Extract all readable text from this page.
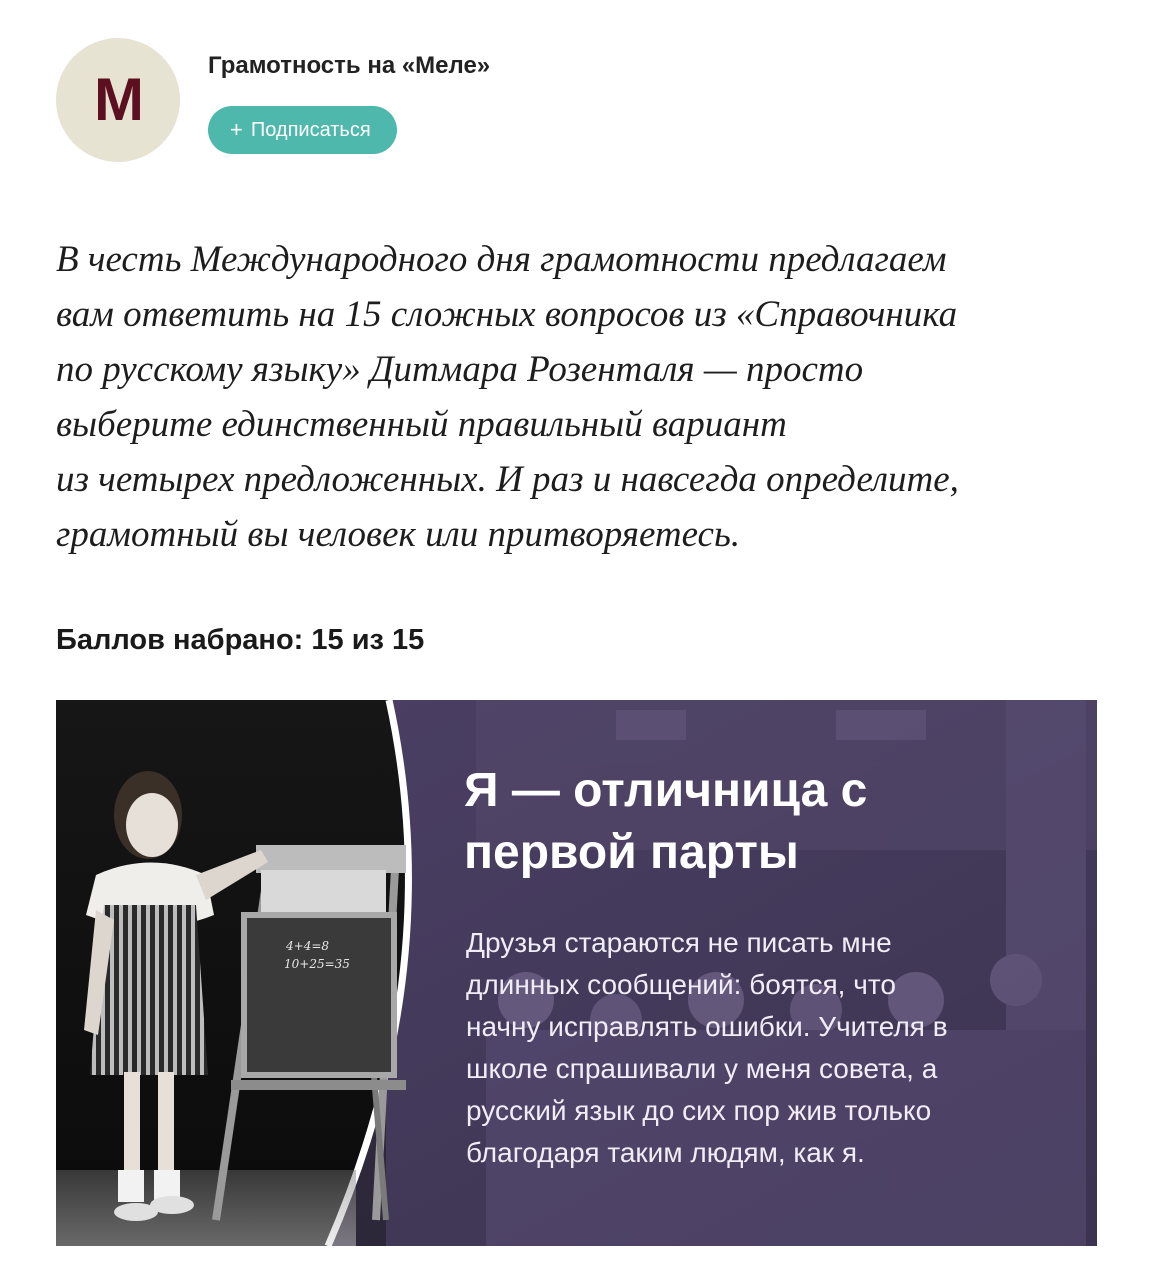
M
Грамотность на «Меле»
+ Подписаться

В честь Международного дня грамотности предлагаем
вам ответить на 15 сложных вопросов из «Справочника
по русскому языку» Дитмара Розенталя — просто
выберите единственный правильный вариант
из четырех предложенных. И раз и навсегда определите,
грамотный вы человек или притворяетесь.

Баллов набрано: 15 из 15
4+4=8
10+25=35
Я — отличница с
первой парты

Друзья стараются не писать мне
длинных сообщений: боятся, что
начну исправлять ошибки. Учителя в
школе спрашивали у меня совета, а
русский язык до сих пор жив только
благодаря таким людям, как я.
